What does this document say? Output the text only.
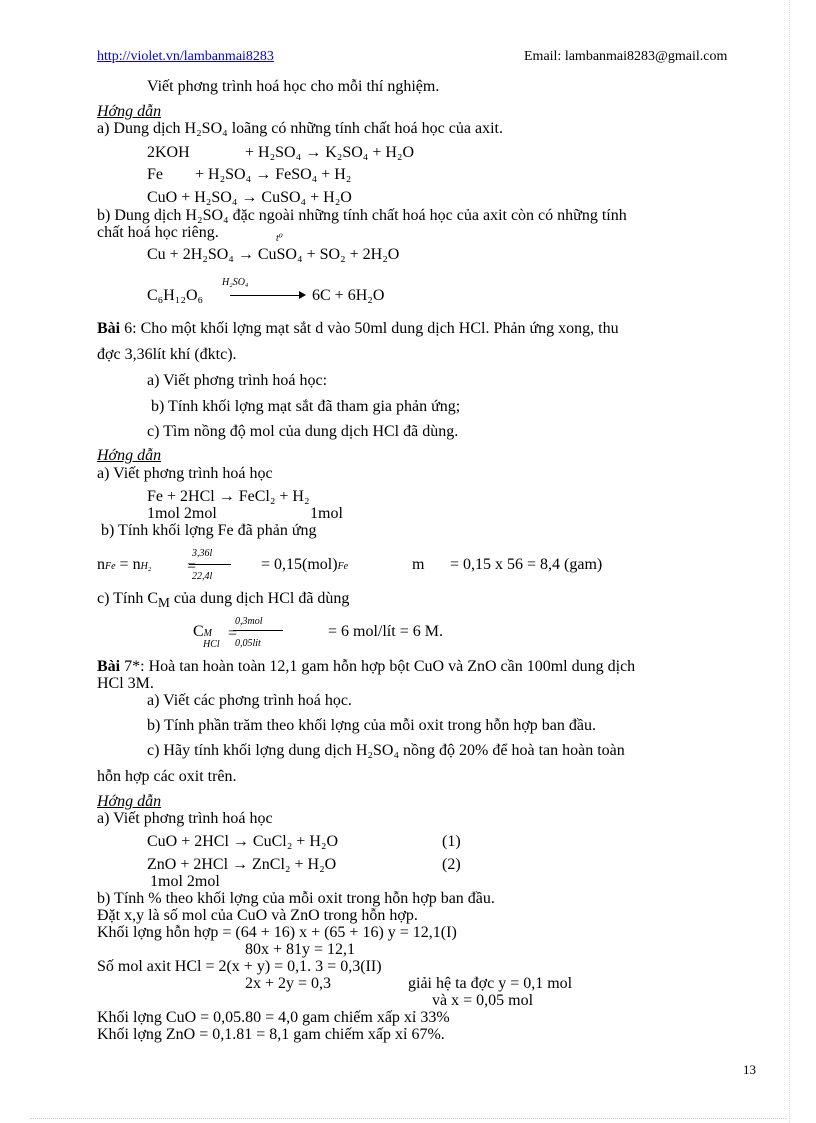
http://violet.vn/lambanmai8283	Email: lambanmai8283@gmail.com
Viết phơng trình hoá học cho mỗi thí nghiệm.
Hớng dẫn
a) Dung dịch H₂SO₄ loãng có những tính chất hoá học của axit.
2KOH	+ H₂SO₄ → K₂SO₄ + H₂O
Fe + H₂SO₄ → FeSO₄ + H₂
CuO + H₂SO₄ → CuSO₄ + H₂O
b) Dung dịch H₂SO₄ đặc ngoài những tính chất hoá học của axit còn có những tính
chất hoá học riêng.	t⁰
Cu + 2H₂SO₄ → CuSO₄ + SO₂ + 2H₂O
H₂SO₄
C₆H₁₂O₆	6C + 6H₂O
Bài 6: Cho một khối lợng mạt sắt d vào 50ml dung dịch HCl. Phản ứng xong, thu
đợc 3,36lít khí (đktc).
a) Viết phơng trình hoá học:
b) Tính khối lợng mạt sắt đã tham gia phản ứng;
c) Tìm nồng độ mol của dung dịch HCl đã dùng.
Hớng dẫn
a) Viết phơng trình hoá học
Fe + 2HCl → FeCl₂ + H₂
1mol 2mol	1mol
b) Tính khối lợng Fe đã phản ứng
nFe = nH₂ =
3,36l
22,4l
= 0,15(mol)Fe	m = 0,15 x 56 = 8,4 (gam)
c) Tính $C_M$ của dung dịch HCl đã dùng
CM
HCl
=
0,3mol
0,05lit
= 6 mol/lít = 6 M.
Bài 7*: Hoà tan hoàn toàn 12,1 gam hỗn hợp bột CuO và ZnO cần 100ml dung dịch
HCl 3M.
a) Viết các phơng trình hoá học.
b) Tính phần trăm theo khối lợng của mỗi oxit trong hỗn hợp ban đầu.
c) Hãy tính khối lợng dung dịch H₂SO₄ nồng độ 20% để hoà tan hoàn toàn
hỗn hợp các oxit trên.
Hớng dẫn
a) Viết phơng trình hoá học
CuO + 2HCl → CuCl₂ + H₂O	(1)
ZnO + 2HCl → ZnCl₂ + H₂O	(2)
1mol 2mol
b) Tính % theo khối lợng của mỗi oxit trong hỗn hợp ban đầu.
Đặt x,y là số mol của CuO và ZnO trong hỗn hợp.
Khối lợng hỗn hợp = (64 + 16) x + (65 + 16) y = 12,1(I)
80x + 81y = 12,1
Số mol axit HCl = 2(x + y) = 0,1. 3 = 0,3(II)
2x + 2y = 0,3	giải hệ ta đợc y = 0,1 mol
và x = 0,05 mol
Khối lợng CuO = 0,05.80 = 4,0 gam chiếm xấp xỉ 33%
Khối lợng ZnO = 0,1.81 = 8,1 gam chiếm xấp xỉ 67%.
13
